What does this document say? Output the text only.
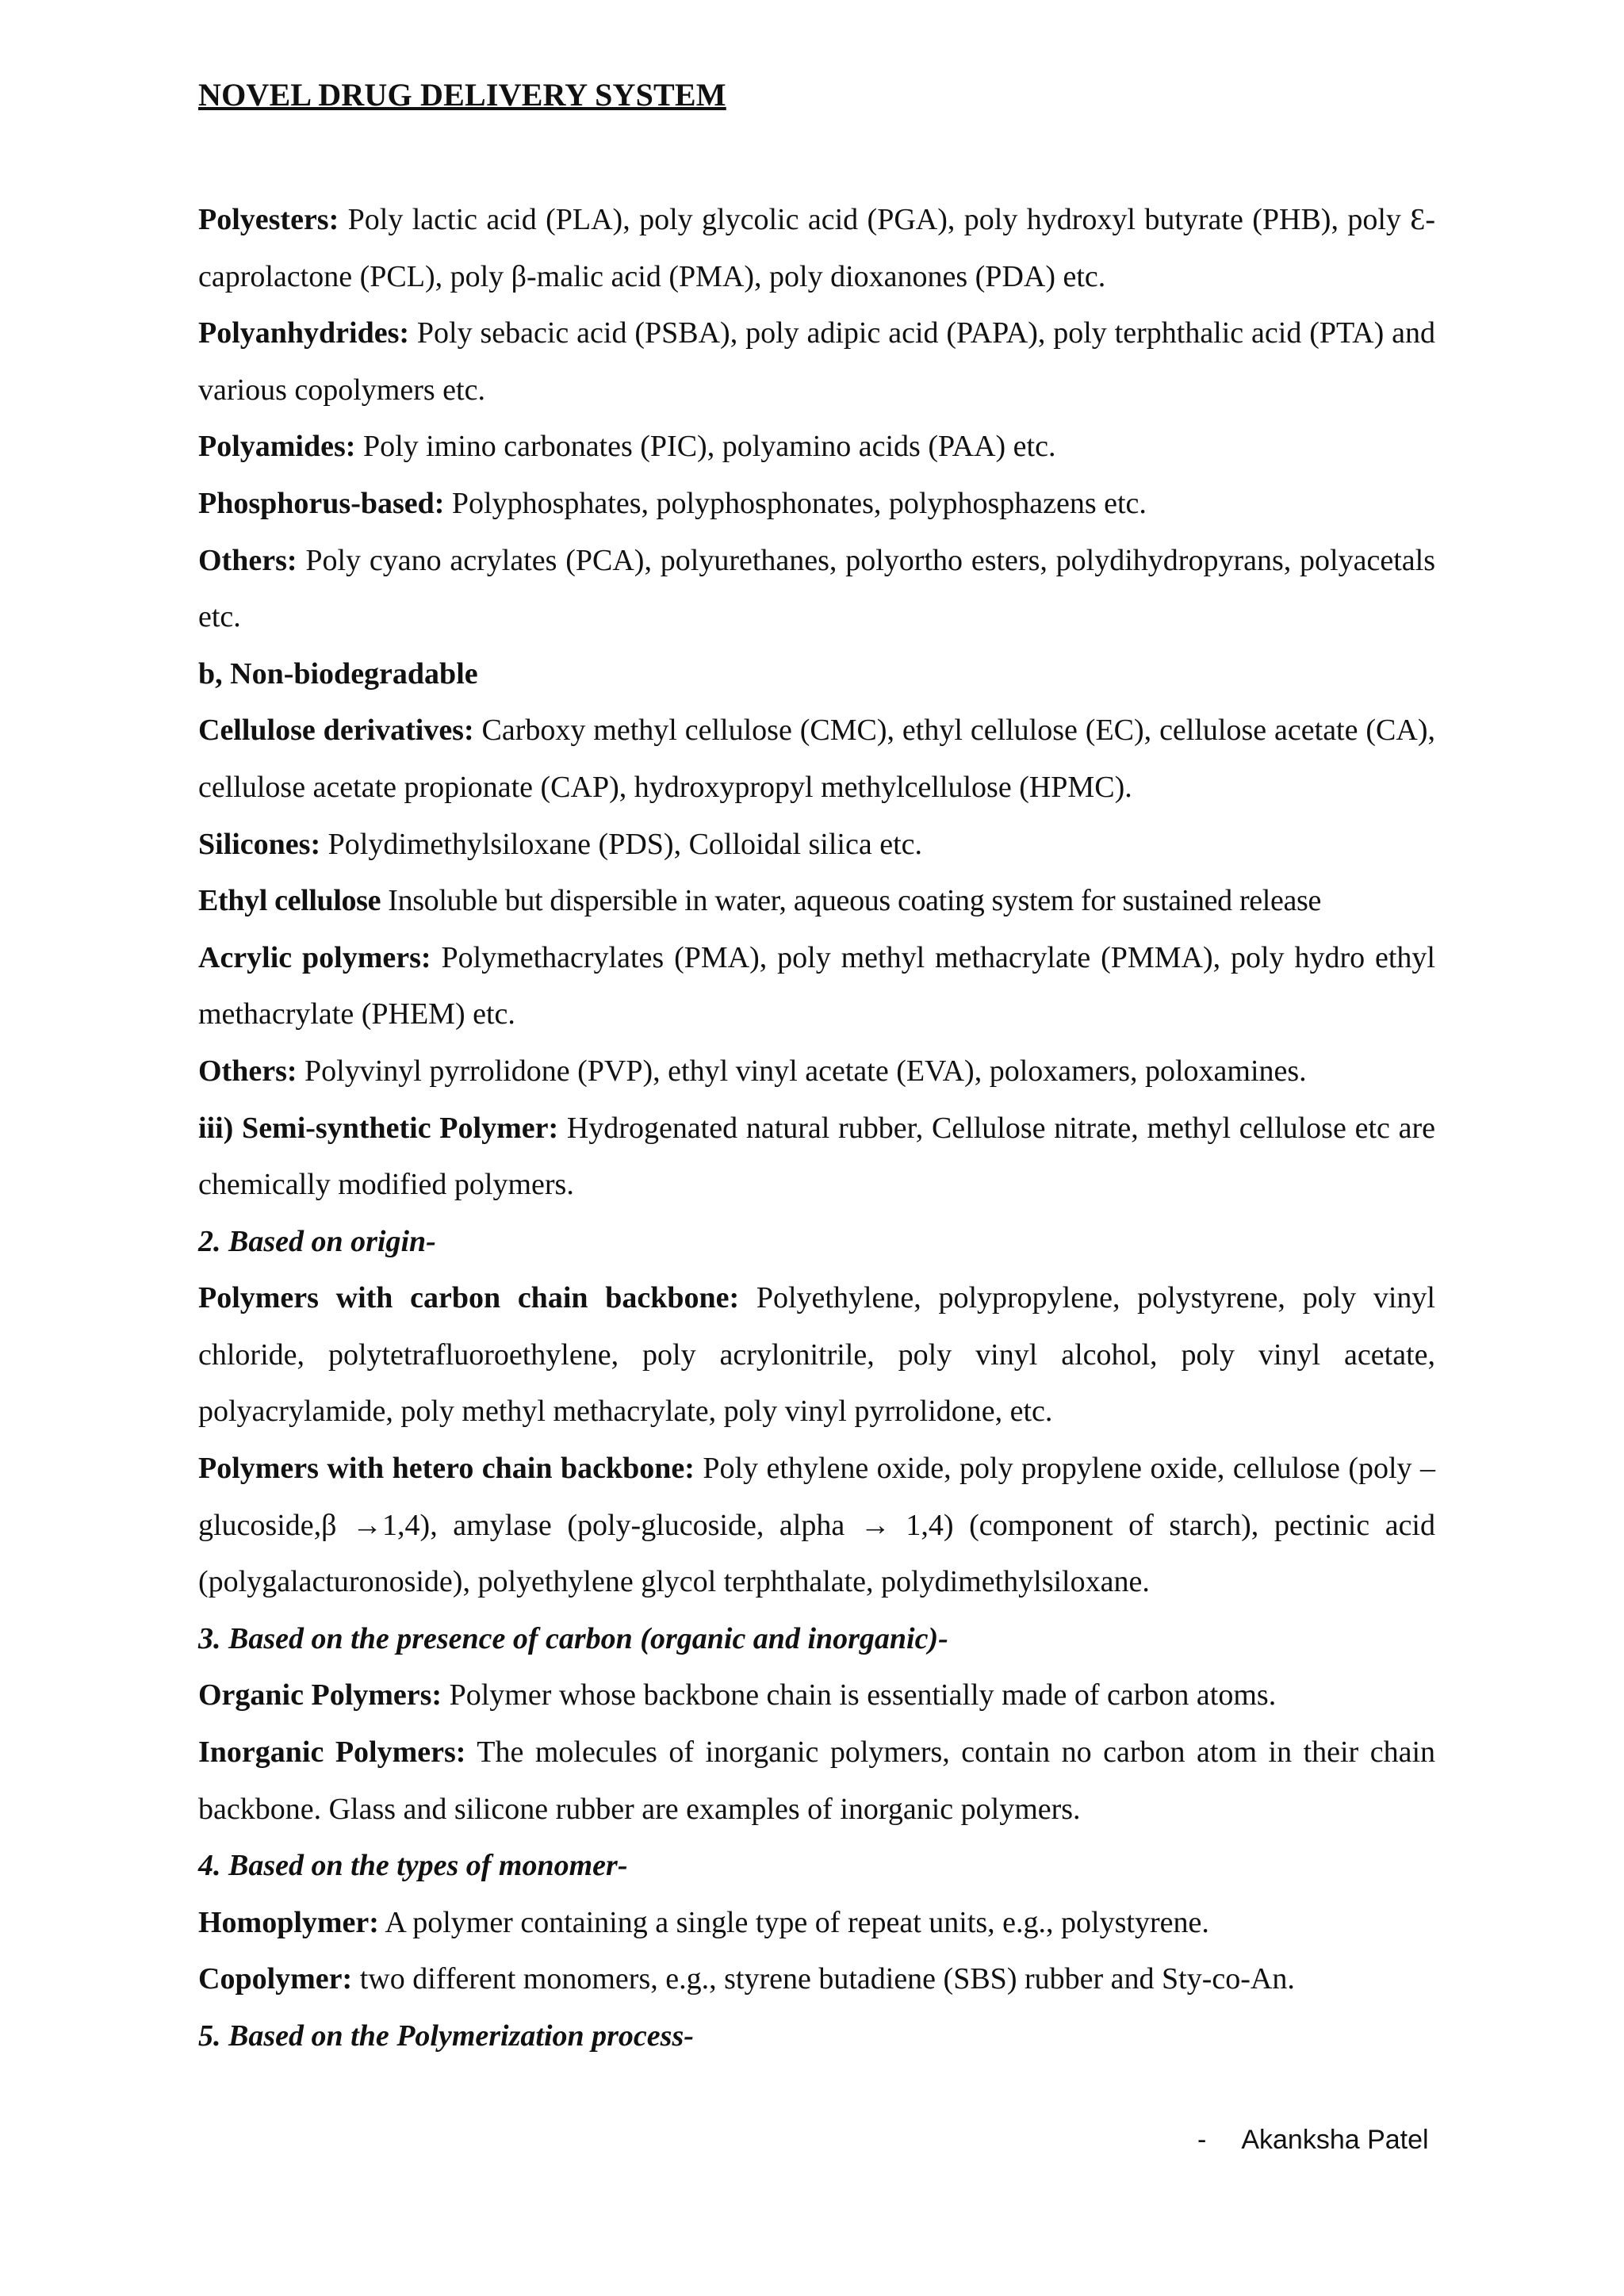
NOVEL DRUG DELIVERY SYSTEM

Polyesters: Poly lactic acid (PLA), poly glycolic acid (PGA), poly hydroxyl butyrate (PHB), poly Ɛ-caprolactone (PCL), poly β-malic acid (PMA), poly dioxanones (PDA) etc.

Polyanhydrides: Poly sebacic acid (PSBA), poly adipic acid (PAPA), poly terphthalic acid (PTA) and various copolymers etc.

Polyamides: Poly imino carbonates (PIC), polyamino acids (PAA) etc.

Phosphorus-based: Polyphosphates, polyphosphonates, polyphosphazens etc.

Others: Poly cyano acrylates (PCA), polyurethanes, polyortho esters, polydihydropyrans, polyacetals etc.

b, Non-biodegradable

Cellulose derivatives: Carboxy methyl cellulose (CMC), ethyl cellulose (EC), cellulose acetate (CA), cellulose acetate propionate (CAP), hydroxypropyl methylcellulose (HPMC).

Silicones: Polydimethylsiloxane (PDS), Colloidal silica etc.

Ethyl cellulose Insoluble but dispersible in water, aqueous coating system for sustained release

Acrylic polymers: Polymethacrylates (PMA), poly methyl methacrylate (PMMA), poly hydro ethyl methacrylate (PHEM) etc.

Others: Polyvinyl pyrrolidone (PVP), ethyl vinyl acetate (EVA), poloxamers, poloxamines.

iii) Semi-synthetic Polymer: Hydrogenated natural rubber, Cellulose nitrate, methyl cellulose etc are chemically modified polymers.

2. Based on origin-

Polymers with carbon chain backbone: Polyethylene, polypropylene, polystyrene, poly vinyl chloride, polytetrafluoroethylene, poly acrylonitrile, poly vinyl alcohol, poly vinyl acetate, polyacrylamide, poly methyl methacrylate, poly vinyl pyrrolidone, etc.

Polymers with hetero chain backbone: Poly ethylene oxide, poly propylene oxide, cellulose (poly –glucoside,β →1,4), amylase (poly-glucoside, alpha → 1,4) (component of starch), pectinic acid (polygalacturonoside), polyethylene glycol terphthalate, polydimethylsiloxane.

3. Based on the presence of carbon (organic and inorganic)-

Organic Polymers: Polymer whose backbone chain is essentially made of carbon atoms.

Inorganic Polymers: The molecules of inorganic polymers, contain no carbon atom in their chain backbone. Glass and silicone rubber are examples of inorganic polymers.

4. Based on the types of monomer-

Homoplymer: A polymer containing a single type of repeat units, e.g., polystyrene.

Copolymer: two different monomers, e.g., styrene butadiene (SBS) rubber and Sty-co-An.

5. Based on the Polymerization process-

- Akanksha Patel
